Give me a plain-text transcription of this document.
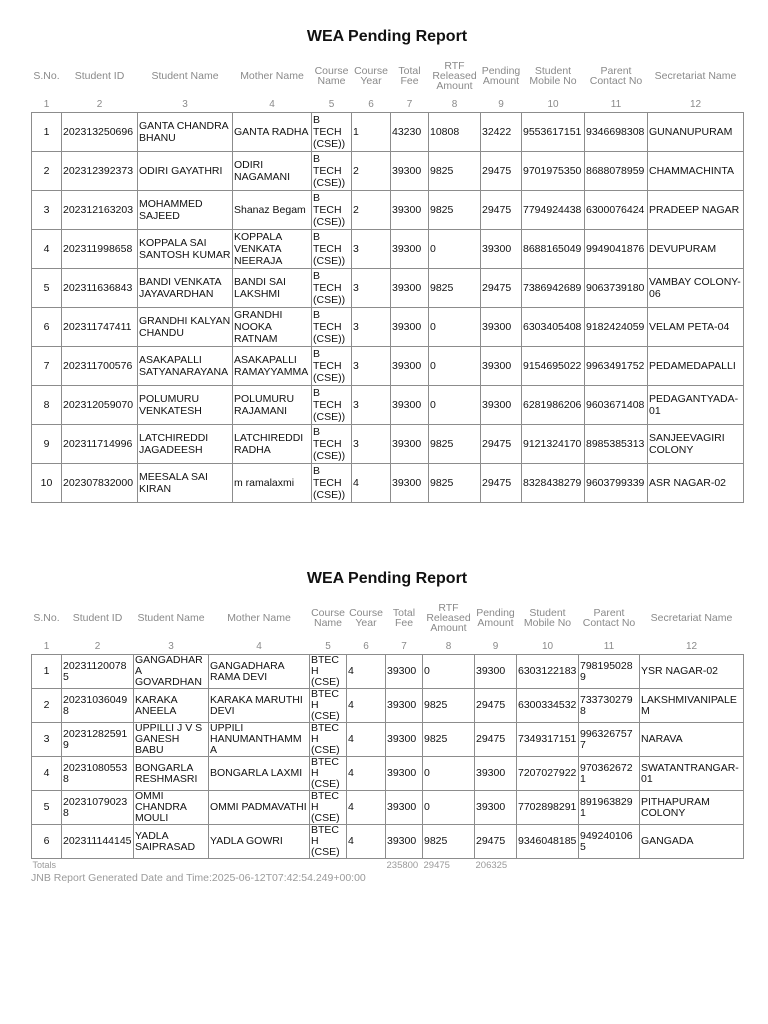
WEA Pending Report
S.No.	Student ID	Student Name	Mother Name	Course Name	Course Year	Total Fee	RTF Released Amount	Pending Amount	Student Mobile No	Parent Contact No	Secretariat Name
1	2	3	4	5	6	7	8	9	10	11	12
1	202313250696	GANTA CHANDRA BHANU	GANTA RADHA	B TECH (CSE))	1	43230	10808	32422	9553617151	9346698308	GUNANUPURAM
2	202312392373	ODIRI GAYATHRI	ODIRI NAGAMANI	B TECH (CSE))	2	39300	9825	29475	9701975350	8688078959	CHAMMACHINTA
3	202312163203	MOHAMMED SAJEED	Shanaz Begam	B TECH (CSE))	2	39300	9825	29475	7794924438	6300076424	PRADEEP NAGAR
4	202311998658	KOPPALA SAI SANTOSH KUMAR	KOPPALA VENKATA NEERAJA	B TECH (CSE))	3	39300	0	39300	8688165049	9949041876	DEVUPURAM
5	202311636843	BANDI VENKATA JAYAVARDHAN	BANDI SAI LAKSHMI	B TECH (CSE))	3	39300	9825	29475	7386942689	9063739180	VAMBAY COLONY-06
6	202311747411	GRANDHI KALYAN CHANDU	GRANDHI NOOKA RATNAM	B TECH (CSE))	3	39300	0	39300	6303405408	9182424059	VELAM PETA-04
7	202311700576	ASAKAPALLI SATYANARAYANA	ASAKAPALLI RAMAYYAMMA	B TECH (CSE))	3	39300	0	39300	9154695022	9963491752	PEDAMEDAPALLI
8	202312059070	POLUMURU VENKATESH	POLUMURU RAJAMANI	B TECH (CSE))	3	39300	0	39300	6281986206	9603671408	PEDAGANTYADA-01
9	202311714996	LATCHIREDDI JAGADEESH	LATCHIREDDI RADHA	B TECH (CSE))	3	39300	9825	29475	9121324170	8985385313	SANJEEVAGIRI COLONY
10	202307832000	MEESALA SAI KIRAN	m ramalaxmi	B TECH (CSE))	4	39300	9825	29475	8328438279	9603799339	ASR NAGAR-02
WEA Pending Report
S.No.	Student ID	Student Name	Mother Name	Course Name	Course Year	Total Fee	RTF Released Amount	Pending Amount	Student Mobile No	Parent Contact No	Secretariat Name
1	2	3	4	5	6	7	8	9	10	11	12
1	202311200785	GANGADHARA GOVARDHAN	GANGADHARA RAMA DEVI	BTECH (CSE)	4	39300	0	39300	6303122183	7981950289	YSR NAGAR-02
2	202310360498	KARAKA ANEELA	KARAKA MARUTHI DEVI	BTECH (CSE)	4	39300	9825	29475	6300334532	7337302798	LAKSHMIVANIPALEM
3	202312825919	UPPILLI J V S GANESH BABU	UPPILI HANUMANTHAMMA	BTECH (CSE)	4	39300	9825	29475	7349317151	9963267577	NARAVA
4	202310805538	BONGARLA RESHMASRI	BONGARLA LAXMI	BTECH (CSE)	4	39300	0	39300	7207027922	9703626721	SWATANTRANGAR-01
5	202310790238	OMMI CHANDRA MOULI	OMMI PADMAVATHI	BTECH (CSE)	4	39300	0	39300	7702898291	8919638291	PITHAPURAM COLONY
6	202311144145	YADLA SAIPRASAD	YADLA GOWRI	BTECH (CSE)	4	39300	9825	29475	9346048185	9492401065	GANGADA
Totals						235800	29475	206325			
JNB Report Generated Date and Time:2025-06-12T07:42:54.249+00:00
